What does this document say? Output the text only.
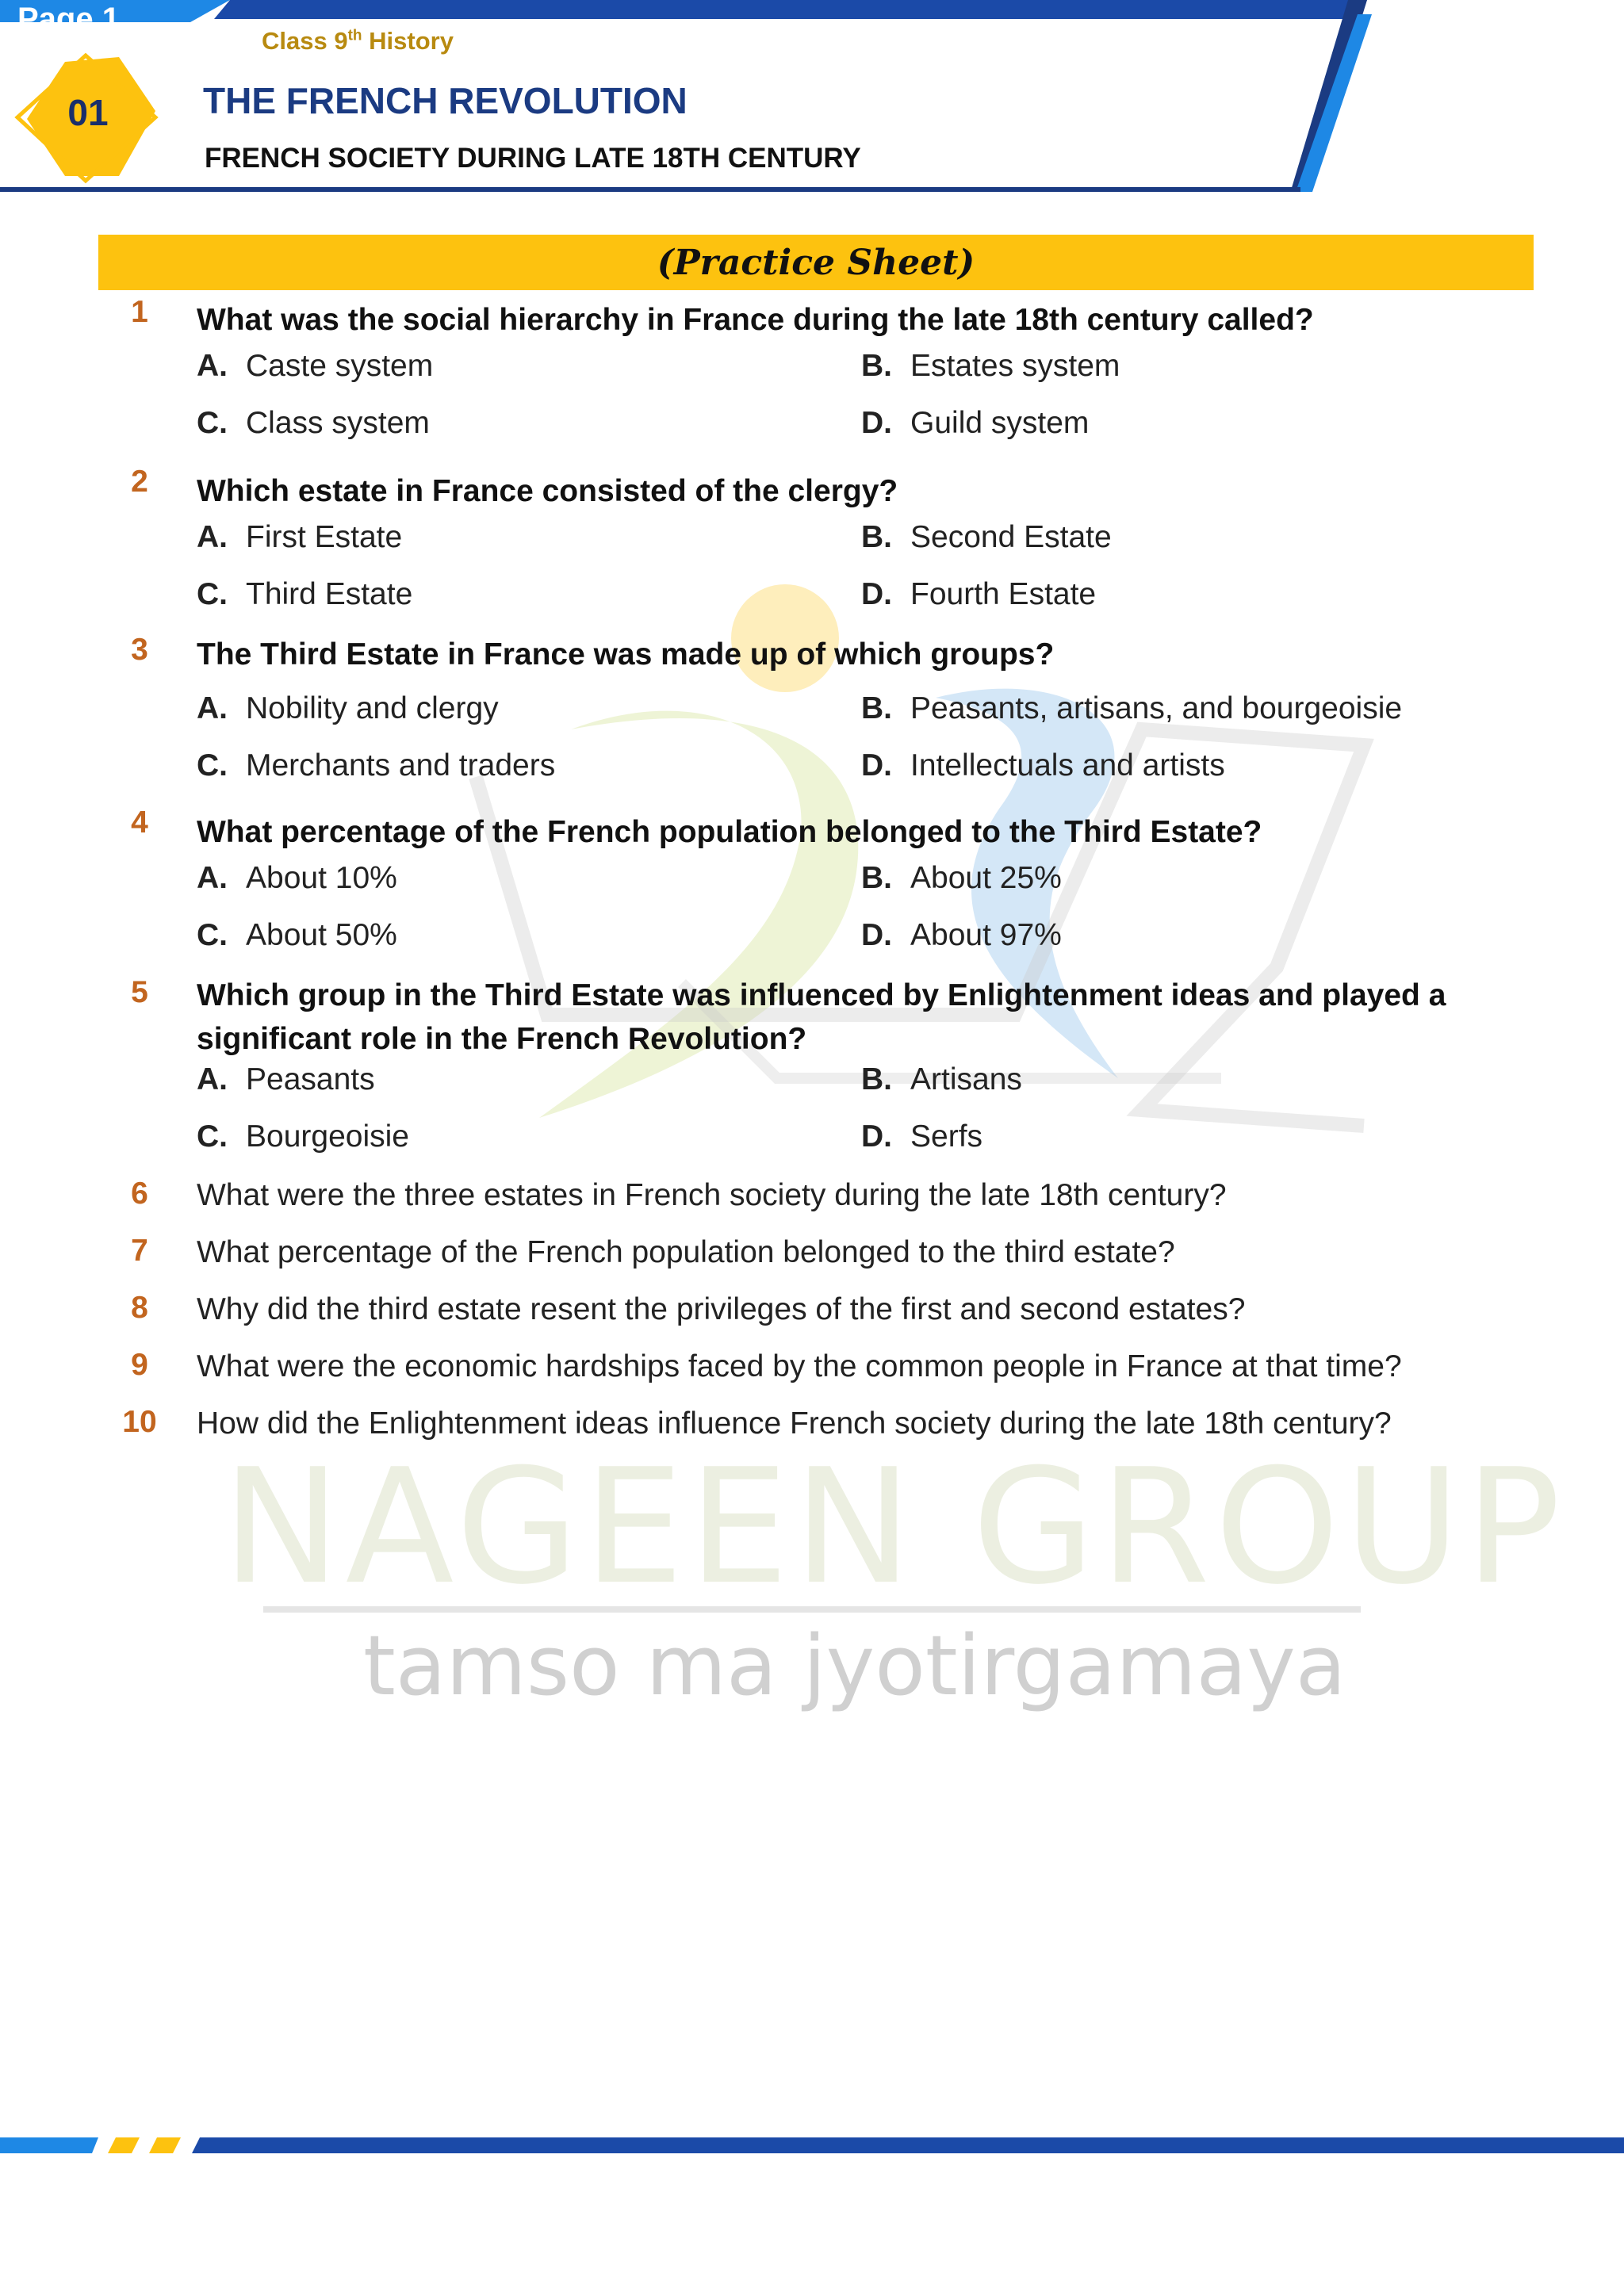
Page 1
Class 9th History
01	THE FRENCH REVOLUTION
FRENCH SOCIETY DURING LATE 18TH CENTURY
NAGEEN GROUP
tamso ma jyotirgamaya
(Practice Sheet)
1	What was the social hierarchy in France during the late 18th century called?
A. Caste system	B. Estates system
C. Class system	D. Guild system
2	Which estate in France consisted of the clergy?
A. First Estate	B. Second Estate
C. Third Estate	D. Fourth Estate
3	The Third Estate in France was made up of which groups?
A. Nobility and clergy	B. Peasants, artisans, and bourgeoisie
C. Merchants and traders	D. Intellectuals and artists
4	What percentage of the French population belonged to the Third Estate?
A. About 10%	B. About 25%
C. About 50%	D. About 97%
5	Which group in the Third Estate was influenced by Enlightenment ideas and played a
significant role in the French Revolution?
A. Peasants	B. Artisans
C. Bourgeoisie	D. Serfs
6	What were the three estates in French society during the late 18th century?
7	What percentage of the French population belonged to the third estate?
8	Why did the third estate resent the privileges of the first and second estates?
9	What were the economic hardships faced by the common people in France at that time?
10	How did the Enlightenment ideas influence French society during the late 18th century?
